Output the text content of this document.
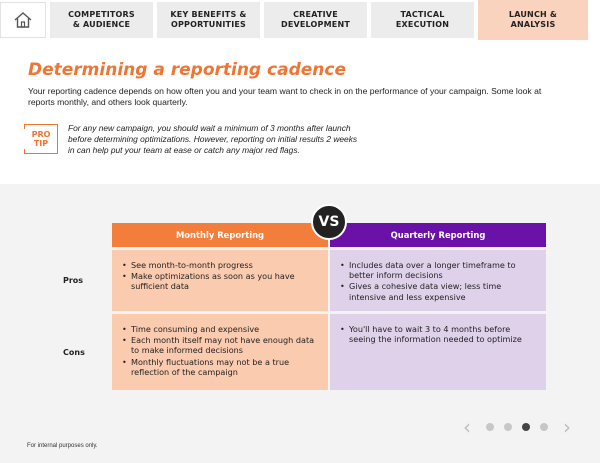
COMPETITORS
& AUDIENCE
KEY BENEFITS &
OPPORTUNITIES
CREATIVE
DEVELOPMENT
TACTICAL
EXECUTION
LAUNCH &
ANALYSIS
Determining a reporting cadence
Your reporting cadence depends on how often you and your team want to check in on the performance of your campaign. Some look at reports monthly, and others look quarterly.
PRO
TIP
For any new campaign, you should wait a minimum of 3 months after launch before determining optimizations. However, reporting on initial results 2 weeks in can help put your team at ease or catch any major red flags.
Pros
Cons
Monthly Reporting	Quarterly Reporting
• See month-to-month progress
• Make optimizations as soon as you have sufficient data
• Includes data over a longer timeframe to better inform decisions
• Gives a cohesive data view; less time intensive and less expensive
• Time consuming and expensive
• Each month itself may not have enough data to make informed decisions
• Monthly fluctuations may not be a true reflection of the campaign
• You'll have to wait 3 to 4 months before seeing the information needed to optimize
VS
‹	›
For internal purposes only.
